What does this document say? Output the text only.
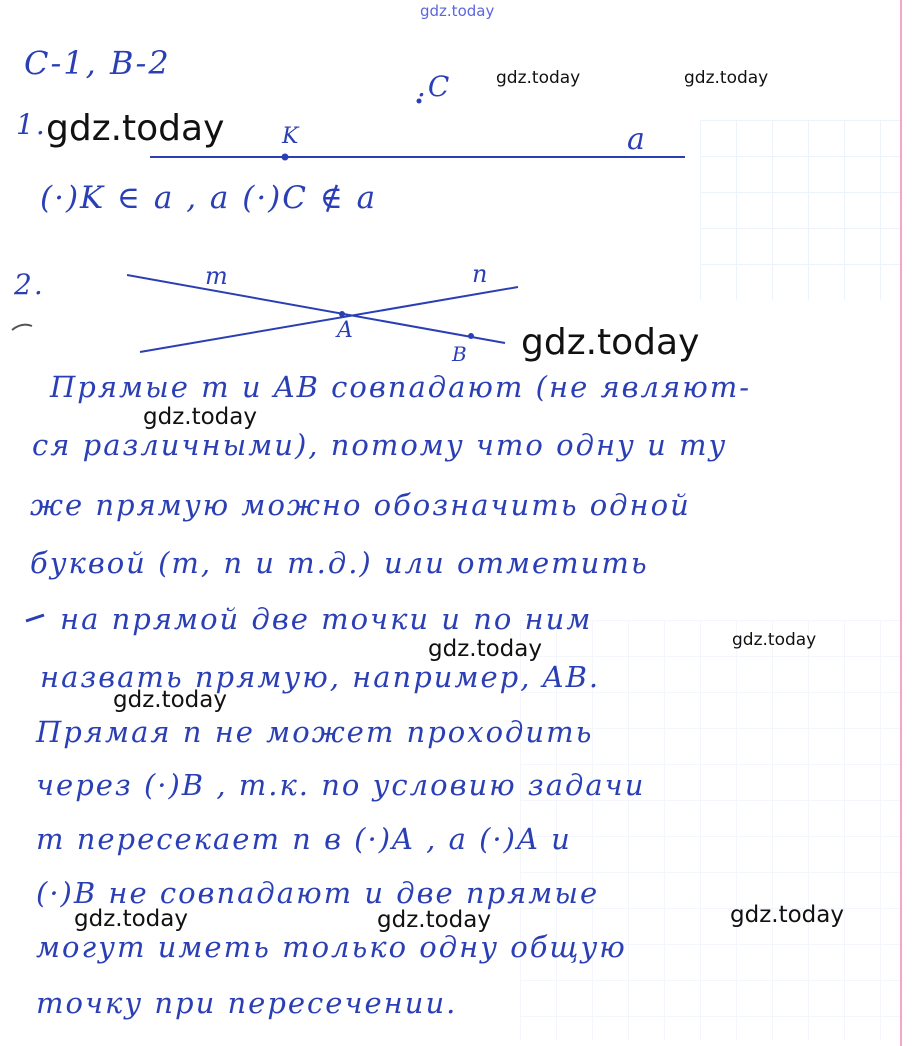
С-1, В-2

1.

.C

K	a

(·)K ∈ a , a (·)C ∉ a

2.	m	n

A

B

Прямые m и AB совпадают (не являют-

ся различными), потому что одну и ту

же прямую можно обозначить одной

буквой (m, n и т.д.) или отметить

на прямой две точки и по ним

назвать прямую, например, AB.

Прямая n не может проходить

через (·)B , т.к. по условию задачи

m пересекает n в (·)A , а (·)A и

(·)B не совпадают и две прямые

могут иметь только одну общую

точку при пересечении.

gdz.today

gdz.today	gdz.today

gdz.today

gdz.today

gdz.today

gdz.today	gdz.today

gdz.today

gdz.today	gdz.today	gdz.today
